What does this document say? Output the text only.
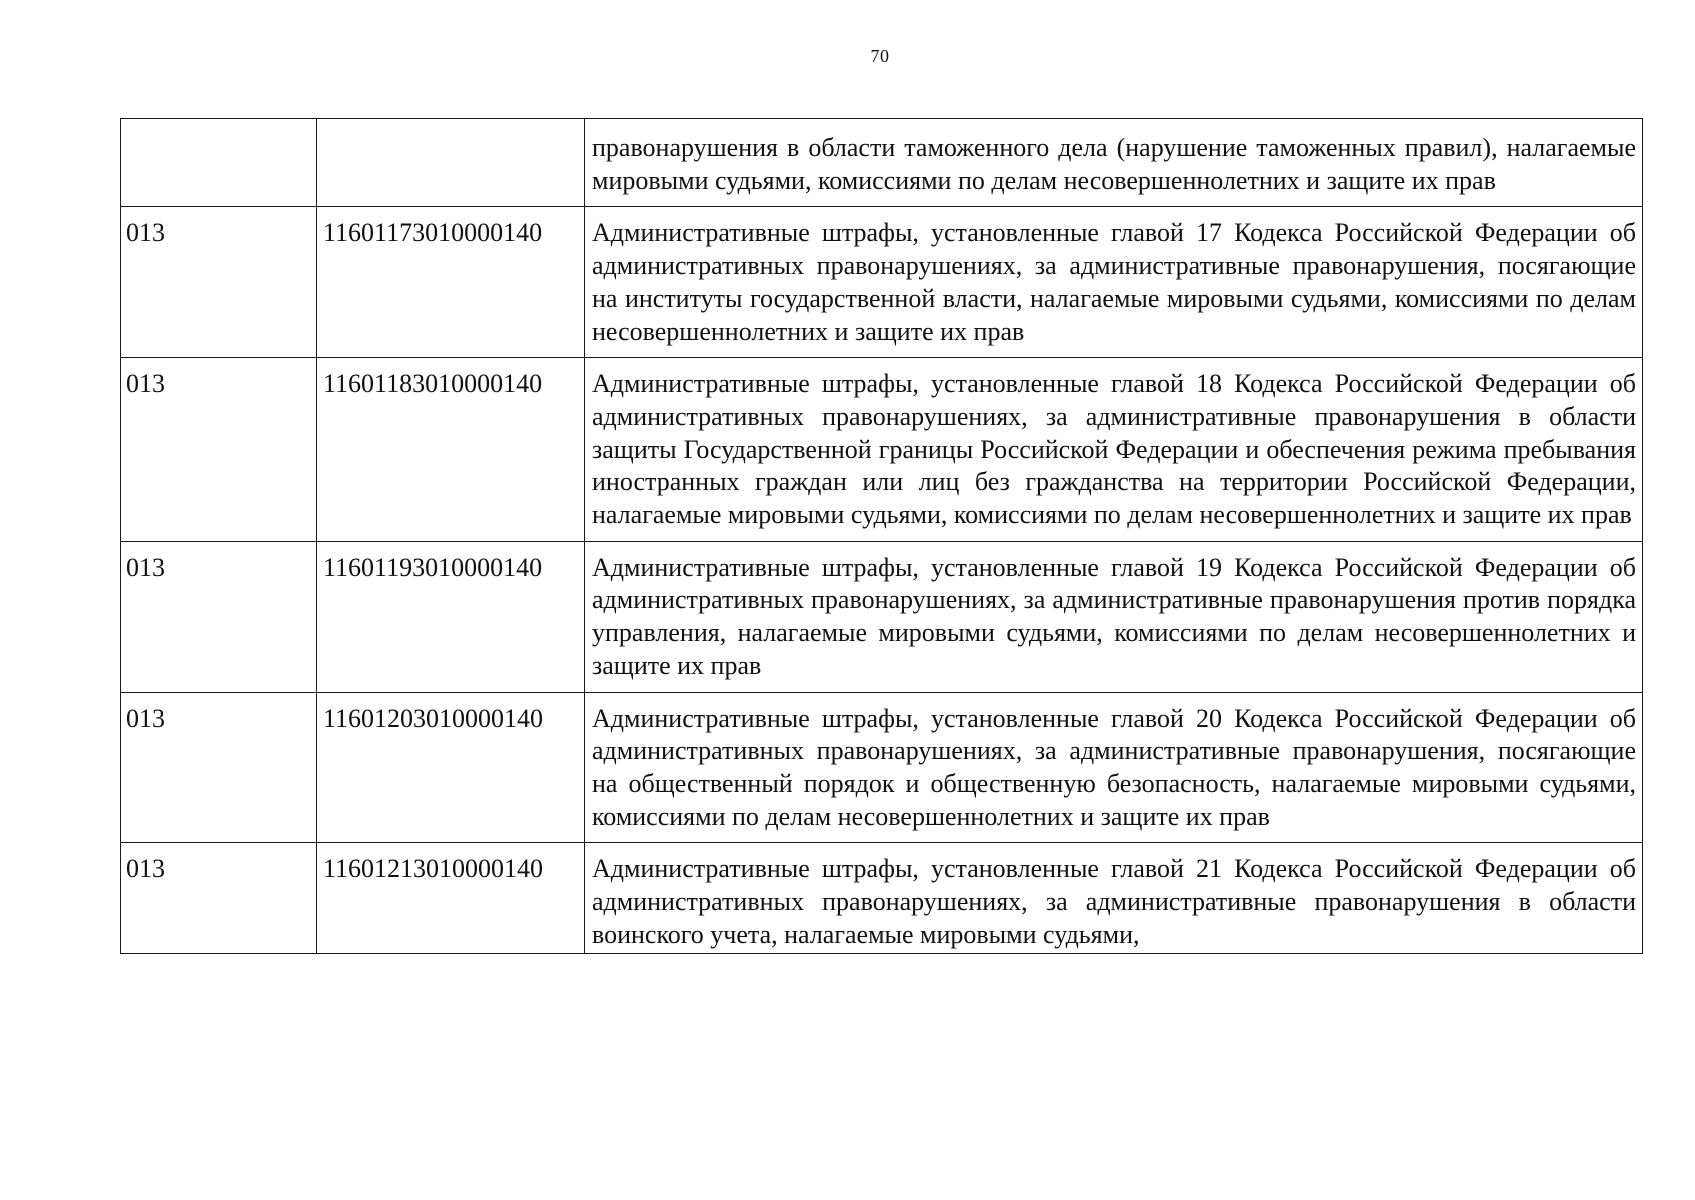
70
		правонарушения в области таможенного дела (нарушение таможенных правил), налагаемые мировыми судьями, комиссиями по делам несовершеннолетних и защите их прав
013	11601173010000140	Административные штрафы, установленные главой 17 Кодекса Российской Федерации об административных правонарушениях, за административные правонарушения, посягающие на институты государственной власти, налагаемые мировыми судьями, комиссиями по делам несовершеннолетних и защите их прав
013	11601183010000140	Административные штрафы, установленные главой 18 Кодекса Российской Федерации об административных правонарушениях, за административные правонарушения в области защиты Государственной границы Российской Федерации и обеспечения режима пребывания иностранных граждан или лиц без гражданства на территории Российской Федерации, налагаемые мировыми судьями, комиссиями по делам несовершеннолетних и защите их прав
013	11601193010000140	Административные штрафы, установленные главой 19 Кодекса Российской Федерации об административных правонарушениях, за административные правонарушения против порядка управления, налагаемые мировыми судьями, комиссиями по делам несовершеннолетних и защите их прав
013	11601203010000140	Административные штрафы, установленные главой 20 Кодекса Российской Федерации об административных правонарушениях, за административные правонарушения, посягающие на общественный порядок и общественную безопасность, налагаемые мировыми судьями, комиссиями по делам несовершеннолетних и защите их прав
013	11601213010000140	Административные штрафы, установленные главой 21 Кодекса Российской Федерации об административных правонарушениях, за административные правонарушения в области воинского учета, налагаемые мировыми судьями,
